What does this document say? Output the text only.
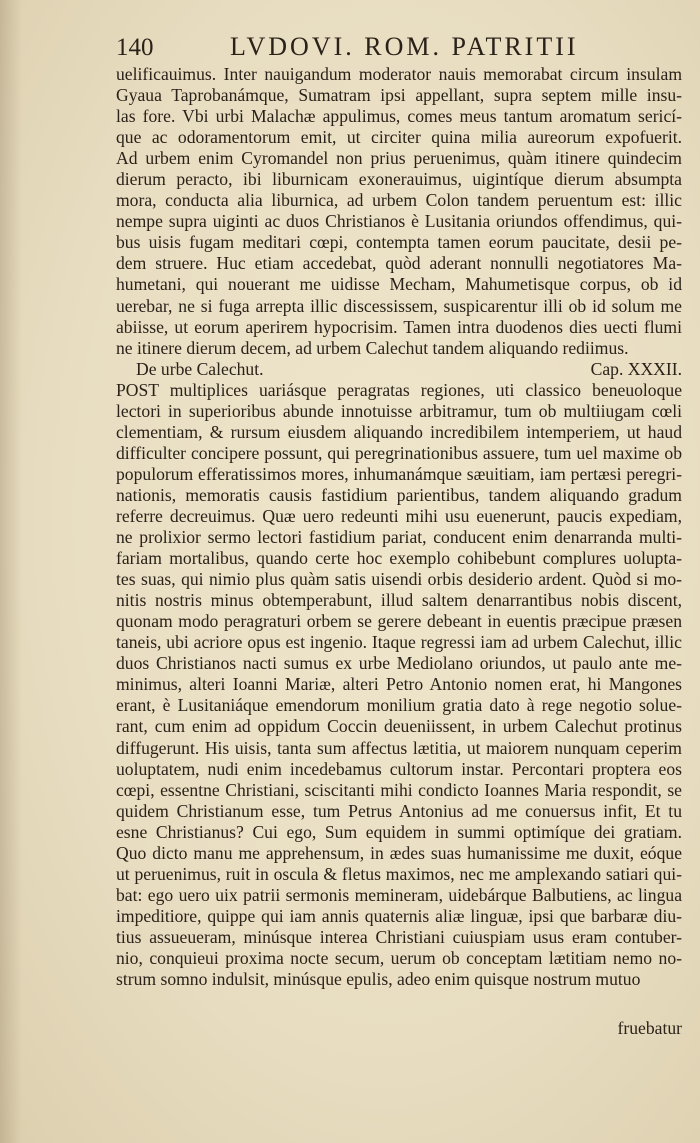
140	LVDOVI. ROM. PATRITII
uelificauimus. Inter nauigandum moderator nauis memorabat circum insulam
Gyaua Taprobanámque, Sumatram ipsi appellant, supra septem mille insu-
las fore. Vbi urbi Malachæ appulimus, comes meus tantum aromatum sericí-
que ac odoramentorum emit, ut circiter quina milia aureorum expofuerit.
Ad urbem enim Cyromandel non prius peruenimus, quàm itinere quindecim
dierum peracto, ibi liburnicam exonerauimus, uigintíque dierum absumpta
mora, conducta alia liburnica, ad urbem Colon tandem peruentum est: illic
nempe supra uiginti ac duos Christianos è Lusitania oriundos offendimus, qui-
bus uisis fugam meditari cœpi, contempta tamen eorum paucitate, desii pe-
dem struere. Huc etiam accedebat, quòd aderant nonnulli negotiatores Ma-
humetani, qui nouerant me uidisse Mecham, Mahumetisque corpus, ob id
uerebar, ne si fuga arrepta illic discessissem, suspicarentur illi ob id solum me
abiisse, ut eorum aperirem hypocrisim. Tamen intra duodenos dies uecti flumi
ne itinere dierum decem, ad urbem Calechut tandem aliquando rediimus.
De urbe Calechut.	Cap. XXXII.
POST multiplices uariásque peragratas regiones, uti classico beneuoloque
lectori in superioribus abunde innotuisse arbitramur, tum ob multiiugam cœli
clementiam, & rursum eiusdem aliquando incredibilem intemperiem, ut haud
difficulter concipere possunt, qui peregrinationibus assuere, tum uel maxime ob
populorum efferatissimos mores, inhumanámque sæuitiam, iam pertæsi peregri-
nationis, memoratis causis fastidium parientibus, tandem aliquando gradum
referre decreuimus. Quæ uero redeunti mihi usu euenerunt, paucis expediam,
ne prolixior sermo lectori fastidium pariat, conducent enim denarranda multi-
fariam mortalibus, quando certe hoc exemplo cohibebunt complures uolupta-
tes suas, qui nimio plus quàm satis uisendi orbis desiderio ardent. Quòd si mo-
nitis nostris minus obtemperabunt, illud saltem denarrantibus nobis discent,
quonam modo peragraturi orbem se gerere debeant in euentis præcipue præsen
taneis, ubi acriore opus est ingenio. Itaque regressi iam ad urbem Calechut, illic
duos Christianos nacti sumus ex urbe Mediolano oriundos, ut paulo ante me-
minimus, alteri Ioanni Mariæ, alteri Petro Antonio nomen erat, hi Mangones
erant, è Lusitaniáque emendorum monilium gratia dato à rege negotio solue-
rant, cum enim ad oppidum Coccin deueniissent, in urbem Calechut protinus
diffugerunt. His uisis, tanta sum affectus lætitia, ut maiorem nunquam ceperim
uoluptatem, nudi enim incedebamus cultorum instar. Percontari proptera eos
cœpi, essentne Christiani, sciscitanti mihi condicto Ioannes Maria respondit, se
quidem Christianum esse, tum Petrus Antonius ad me conuersus infit, Et tu
esne Christianus? Cui ego, Sum equidem in summi optimíque dei gratiam.
Quo dicto manu me apprehensum, in ædes suas humanissime me duxit, eóque
ut peruenimus, ruit in oscula & fletus maximos, nec me amplexando satiari qui-
bat: ego uero uix patrii sermonis memineram, uidebárque Balbutiens, ac lingua
impeditiore, quippe qui iam annis quaternis aliæ linguæ, ipsi que barbaræ diu-
tius assueueram, minúsque interea Christiani cuiuspiam usus eram contuber-
nio, conquieui proxima nocte secum, uerum ob conceptam lætitiam nemo no-
strum somno indulsit, minúsque epulis, adeo enim quisque nostrum mutuo
fruebatur
